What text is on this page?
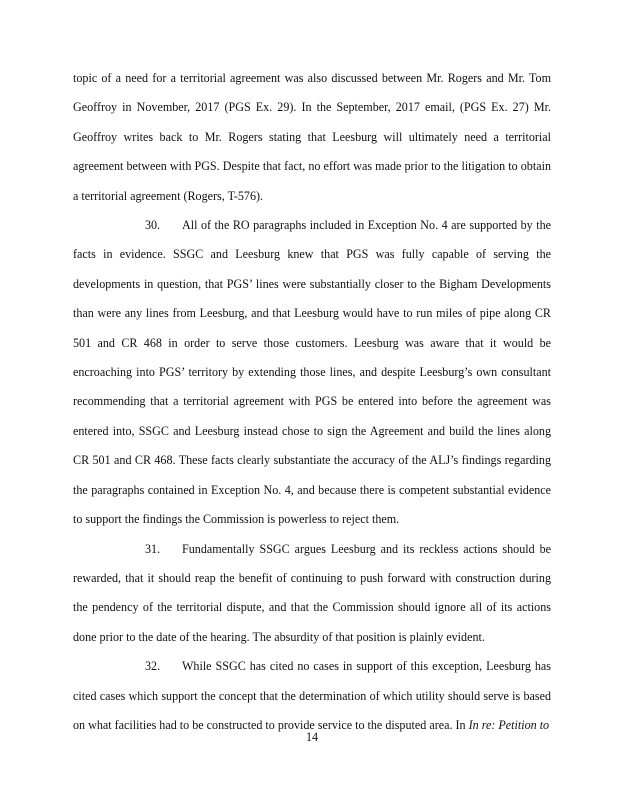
topic of a need for a territorial agreement was also discussed between Mr. Rogers and Mr. Tom Geoffroy in November, 2017 (PGS Ex. 29). In the September, 2017 email, (PGS Ex. 27) Mr. Geoffroy writes back to Mr. Rogers stating that Leesburg will ultimately need a territorial agreement between with PGS. Despite that fact, no effort was made prior to the litigation to obtain a territorial agreement (Rogers, T-576).

30. All of the RO paragraphs included in Exception No. 4 are supported by the facts in evidence. SSGC and Leesburg knew that PGS was fully capable of serving the developments in question, that PGS’ lines were substantially closer to the Bigham Developments than were any lines from Leesburg, and that Leesburg would have to run miles of pipe along CR 501 and CR 468 in order to serve those customers. Leesburg was aware that it would be encroaching into PGS’ territory by extending those lines, and despite Leesburg’s own consultant recommending that a territorial agreement with PGS be entered into before the agreement was entered into, SSGC and Leesburg instead chose to sign the Agreement and build the lines along CR 501 and CR 468. These facts clearly substantiate the accuracy of the ALJ’s findings regarding the paragraphs contained in Exception No. 4, and because there is competent substantial evidence to support the findings the Commission is powerless to reject them.

31. Fundamentally SSGC argues Leesburg and its reckless actions should be rewarded, that it should reap the benefit of continuing to push forward with construction during the pendency of the territorial dispute, and that the Commission should ignore all of its actions done prior to the date of the hearing. The absurdity of that position is plainly evident.

32. While SSGC has cited no cases in support of this exception, Leesburg has cited cases which support the concept that the determination of which utility should serve is based on what facilities had to be constructed to provide service to the disputed area. In In re: Petition to

14
